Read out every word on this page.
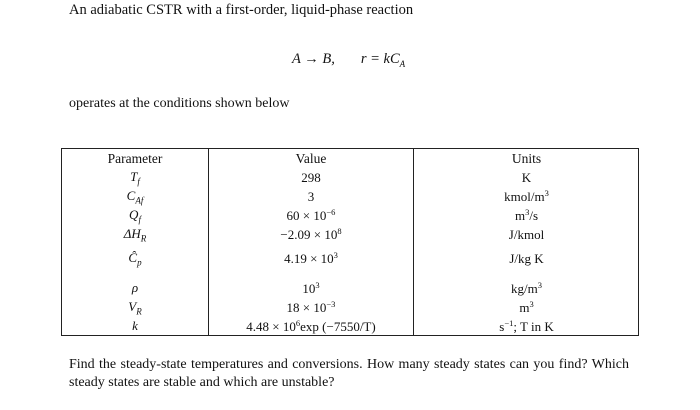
An adiabatic CSTR with a first-order, liquid-phase reaction
A → B, $r = kC_A$
operates at the conditions shown below
Parameter	Value	Units
$T_f$	298	K
$C_{Af}$	3	kmol/$m^3$
$Q_f$	$60 \times 10^{-6}$	$m^3/s$
$\Delta H_R$	$-2.09 \times 10^8$	J/kmol
$Ĉ_p$	$4.19 \times 10^3$	J/kg K
ρ	$10^3$	$kg/m^3$
$V_R$	$18 \times 10^{-3}$	$m^3$
k	$4.48 \times 10^6\exp$ (−7550/T)	$s^{-1}$; T in K
Find the steady-state temperatures and conversions. How many steady states can you find? Which steady states are stable and which are unstable?
